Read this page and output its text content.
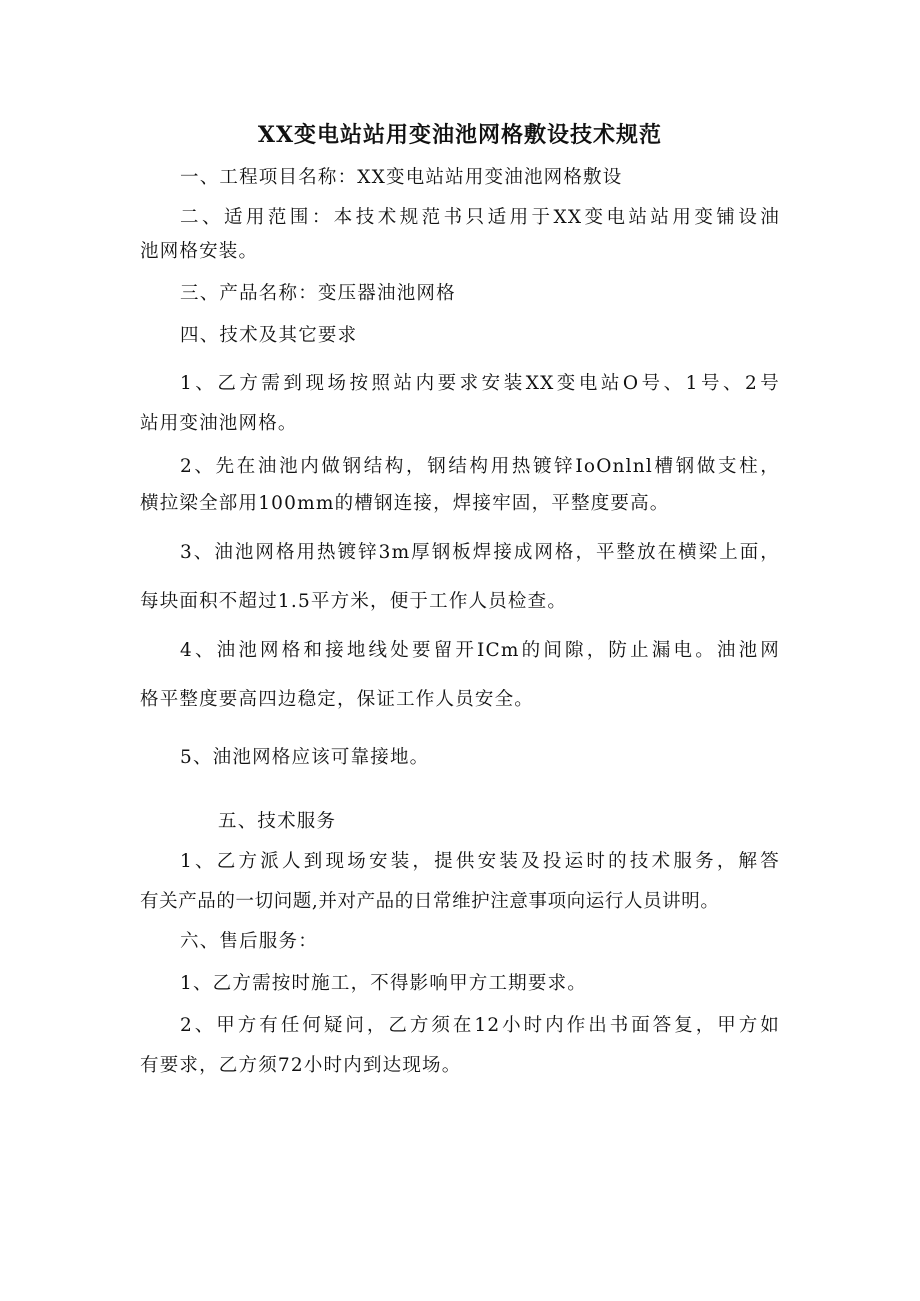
XX变电站站用变油池网格敷设技术规范
一、工程项目名称：XX变电站站用变油池网格敷设
二、适用范围：本技术规范书只适用于XX变电站站用变铺设油
池网格安装。
三、产品名称：变压器油池网格
四、技术及其它要求
1、乙方需到现场按照站内要求安装XX变电站O号、1号、2号
站用变油池网格。
2、先在油池内做钢结构，钢结构用热镀锌IoOnlnl槽钢做支柱，
横拉梁全部用100mm的槽钢连接，焊接牢固，平整度要高。
3、油池网格用热镀锌3m厚钢板焊接成网格，平整放在横梁上面，
每块面积不超过1.5平方米，便于工作人员检查。
4、油池网格和接地线处要留开ICm的间隙，防止漏电。油池网
格平整度要高四边稳定，保证工作人员安全。
5、油池网格应该可靠接地。
五、技术服务
1、乙方派人到现场安装，提供安装及投运时的技术服务，解答
有关产品的一切问题,并对产品的日常维护注意事项向运行人员讲明。
六、售后服务：
1、乙方需按时施工，不得影响甲方工期要求。
2、甲方有任何疑问，乙方须在12小时内作出书面答复，甲方如
有要求，乙方须72小时内到达现场。
